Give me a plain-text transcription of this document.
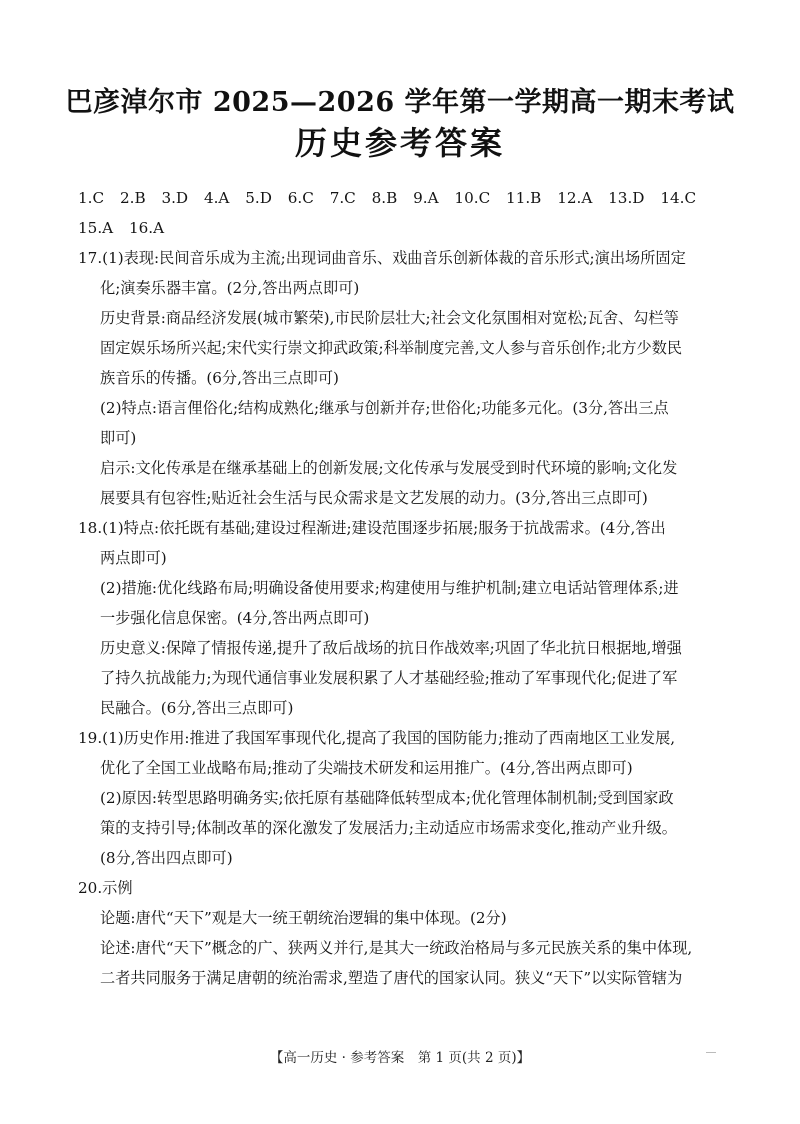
巴彦淖尔市 2025—2026 学年第一学期高一期末考试
历史参考答案
1.C 2.B 3.D 4.A 5.D 6.C 7.C 8.B 9.A 10.C 11.B 12.A 13.D 14.C
15.A 16.A
17.(1)表现:民间音乐成为主流;出现词曲音乐、戏曲音乐创新体裁的音乐形式;演出场所固定
化;演奏乐器丰富。(2分,答出两点即可)
历史背景:商品经济发展(城市繁荣),市民阶层壮大;社会文化氛围相对宽松;瓦舍、勾栏等
固定娱乐场所兴起;宋代实行崇文抑武政策;科举制度完善,文人参与音乐创作;北方少数民
族音乐的传播。(6分,答出三点即可)
(2)特点:语言俚俗化;结构成熟化;继承与创新并存;世俗化;功能多元化。(3分,答出三点
即可)
启示:文化传承是在继承基础上的创新发展;文化传承与发展受到时代环境的影响;文化发
展要具有包容性;贴近社会生活与民众需求是文艺发展的动力。(3分,答出三点即可)
18.(1)特点:依托既有基础;建设过程渐进;建设范围逐步拓展;服务于抗战需求。(4分,答出
两点即可)
(2)措施:优化线路布局;明确设备使用要求;构建使用与维护机制;建立电话站管理体系;进
一步强化信息保密。(4分,答出两点即可)
历史意义:保障了情报传递,提升了敌后战场的抗日作战效率;巩固了华北抗日根据地,增强
了持久抗战能力;为现代通信事业发展积累了人才基础经验;推动了军事现代化;促进了军
民融合。(6分,答出三点即可)
19.(1)历史作用:推进了我国军事现代化,提高了我国的国防能力;推动了西南地区工业发展,
优化了全国工业战略布局;推动了尖端技术研发和运用推广。(4分,答出两点即可)
(2)原因:转型思路明确务实;依托原有基础降低转型成本;优化管理体制机制;受到国家政
策的支持引导;体制改革的深化激发了发展活力;主动适应市场需求变化,推动产业升级。
(8分,答出四点即可)
20.示例
论题:唐代“天下”观是大一统王朝统治逻辑的集中体现。(2分)
论述:唐代“天下”概念的广、狭两义并行,是其大一统政治格局与多元民族关系的集中体现,
二者共同服务于满足唐朝的统治需求,塑造了唐代的国家认同。狭义“天下”以实际管辖为
【高一历史 · 参考答案　第 1 页(共 2 页)】
